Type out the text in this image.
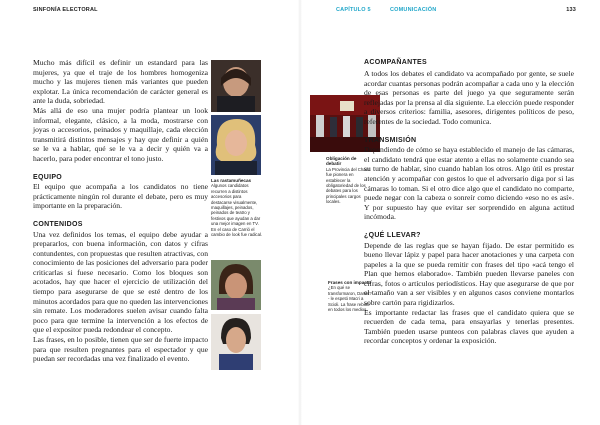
SINFONÍA ELECTORAL	CAPÍTULO 5	COMUNICACIÓN	133

Mucho más difícil es definir un estandard para las mujeres, ya que el traje de los hombres homogeniza mucho y las mujeres tienen más variantes que pueden explotar. La única recomendación de carácter general es ante la duda, sobriedad.

Más allá de eso una mujer podría plantear un look informal, elegante, clásico, a la moda, mostrarse con joyas o accesorios, peinados y maquillaje, cada elección transmitirá distintos mensajes y hay que definir a quién se le va a hablar, qué se le va a decir y quién va a hacerlo, para poder encontrar el tono justo.

EQUIPO

El equipo que acompaña a los candidatos no tiene prácticamente ningún rol durante el debate, pero es muy importante en la preparación.

CONTENIDOS

Una vez definidos los temas, el equipo debe ayudar a prepararlos, con buena información, con datos y cifras contundentes, con propuestas que resulten atractivas, con conocimiento de las posiciones del adversario para poder criticarlas si fuese necesario. Como los bloques son acotados, hay que hacer el ejercicio de utilización del tiempo para asegurarse de que se esté dentro de los minutos acordados para que no queden las intervenciones sin remate. Los moderadores suelen avisar cuando falta poco para que termine la intervención a los efectos de que el expositor pueda redondear el concepto.

Las frases, en lo posible, tienen que ser de fuerte impacto para que resulten pregnantes para el espectador y que puedan ser recordadas una vez finalizado el evento.

Las rastamuñecas
Algunos candidatos recurren a distintos accesorios para destacarse visualmente, maquillajes, peinados, peinados de teatro y festivos que ayudan a dar una mejor imagen en TV. En el caso de Carrió el cambio de look fue radical.

ACOMPAÑANTES

Obligación de debatir
La Provincia del Chaco fue pionera en establecer la obligatoriedad de los debates para los principales cargos locales.
Frases con impacto
¿En qué se transformaron, Daniel? - le espetó Macri a Scioli. La frase rebotó en todos los medios.

A todos los debates el candidato va acompañado por gente, se suele acordar cuantas personas podrán acompañar a cada uno y la elección de esas personas es parte del juego ya que seguramente serán reflejadas por la prensa al día siguiente. La elección puede responder a diversos criterios: familia, asesores, dirigentes políticos de peso, referentes de la sociedad. Todo comunica.

TRANSMISIÓN

Dependiendo de cómo se haya establecido el manejo de las cámaras, el candidato tendrá que estar atento a ellas no solamente cuando sea su turno de hablar, sino cuando hablan los otros. Algo útil es prestar atención y acompañar con gestos lo que el adversario diga por si las cámaras lo toman. Si el otro dice algo que el candidato no comparte, puede negar con la cabeza o sonreír como diciendo «eso no es así». Y por supuesto hay que evitar ser sorprendido en alguna actitud incómoda.

¿QUÉ LLEVAR?

Depende de las reglas que se hayan fijado. De estar permitido es bueno llevar lápiz y papel para hacer anotaciones y una carpeta con papeles a la que se pueda remitir con frases del tipo «acá tengo el Plan que hemos elaborado». También pueden llevarse paneles con cifras, fotos o artículos periodísticos. Hay que asegurarse de que por el tamaño van a ser visibles y en algunos casos conviene montarlos sobre cartón para rigidizarlos.

Es importante redactar las frases que el candidato quiera que se recuerden de cada tema, para ensayarlas y tenerlas presentes. También pueden usarse punteos con palabras claves que ayuden a recordar conceptos y ordenar la exposición.
